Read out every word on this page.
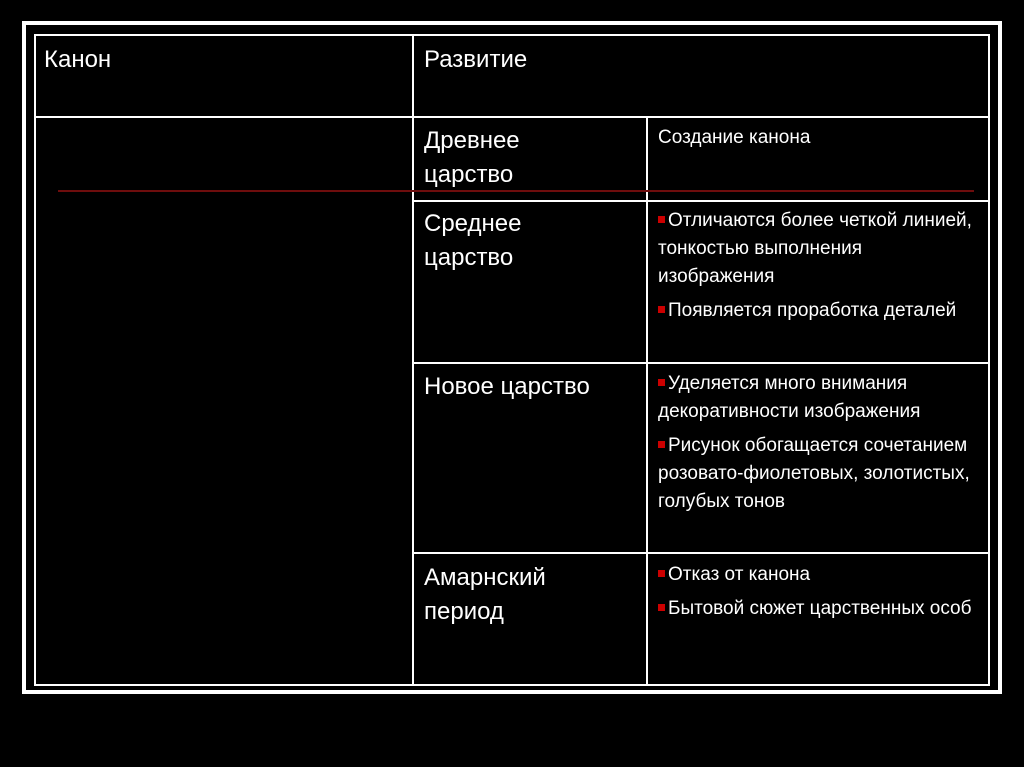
Канон	Развитие

Древнее царство

Создание канона

Среднее царство

Отличаются более четкой линией, тонкостью выполнения изображения
Появляется проработка деталей

Новое царство	Уделяется много внимания декоративности изображения
Рисунок обогащается сочетанием розовато-фиолетовых, золотистых, голубых тонов

Амарнский период

Отказ от канона
Бытовой сюжет царственных особ
